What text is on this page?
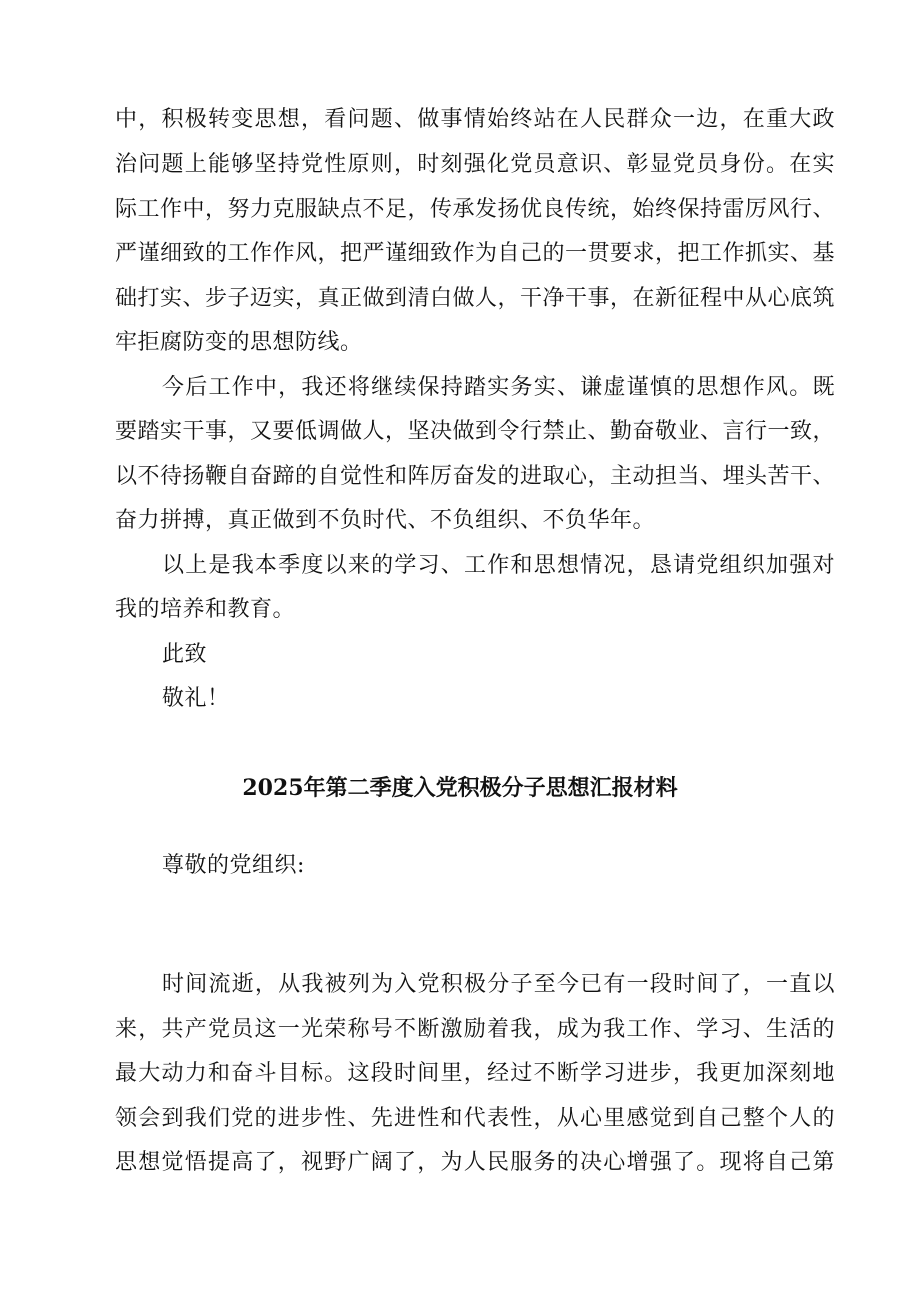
中，积极转变思想，看问题、做事情始终站在人民群众一边，在重大政
治问题上能够坚持党性原则，时刻强化党员意识、彰显党员身份。在实
际工作中，努力克服缺点不足，传承发扬优良传统，始终保持雷厉风行、
严谨细致的工作作风，把严谨细致作为自己的一贯要求，把工作抓实、基
础打实、步子迈实，真正做到清白做人，干净干事，在新征程中从心底筑
牢拒腐防变的思想防线。
今后工作中，我还将继续保持踏实务实、谦虚谨慎的思想作风。既
要踏实干事，又要低调做人，坚决做到令行禁止、勤奋敬业、言行一致，
以不待扬鞭自奋蹄的自觉性和阵厉奋发的进取心，主动担当、埋头苦干、
奋力拼搏，真正做到不负时代、不负组织、不负华年。
以上是我本季度以来的学习、工作和思想情况，恳请党组织加强对
我的培养和教育。
此致
敬礼！
2025年第二季度入党积极分子思想汇报材料
尊敬的党组织:
时间流逝，从我被列为入党积极分子至今已有一段时间了，一直以
来，共产党员这一光荣称号不断激励着我，成为我工作、学习、生活的
最大动力和奋斗目标。这段时间里，经过不断学习进步，我更加深刻地
领会到我们党的进步性、先进性和代表性，从心里感觉到自己整个人的
思想觉悟提高了，视野广阔了，为人民服务的决心增强了。现将自己第
